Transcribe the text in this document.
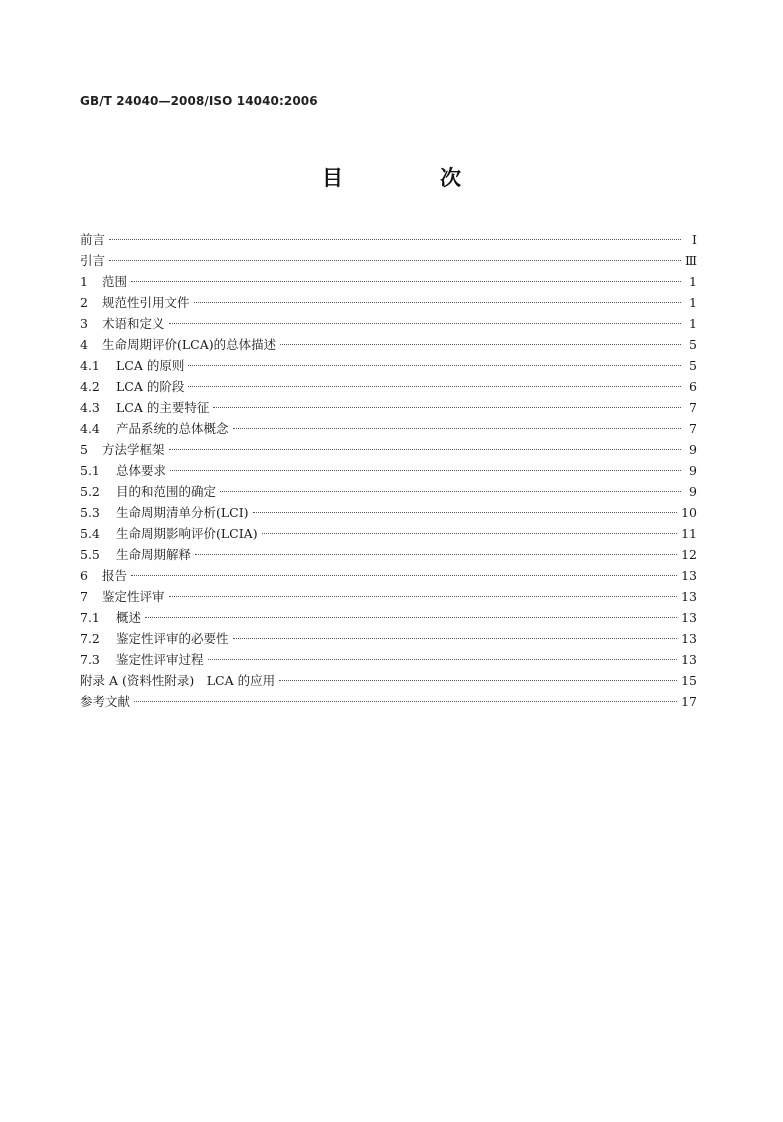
GB/T 24040—2008/ISO 14040:2006
目　次
前言	Ⅰ
引言	Ⅲ
1	范围	1
2	规范性引用文件	1
3	术语和定义	1
4	生命周期评价(LCA)的总体描述	5
4.1	LCA 的原则	5
4.2	LCA 的阶段	6
4.3	LCA 的主要特征	7
4.4	产品系统的总体概念	7
5	方法学框架	9
5.1	总体要求	9
5.2	目的和范围的确定	9
5.3	生命周期清单分析(LCI)	10
5.4	生命周期影响评价(LCIA)	11
5.5	生命周期解释	12
6	报告	13
7	鉴定性评审	13
7.1	概述	13
7.2	鉴定性评审的必要性	13
7.3	鉴定性评审过程	13
附录 A (资料性附录)　LCA 的应用	15
参考文献	17
